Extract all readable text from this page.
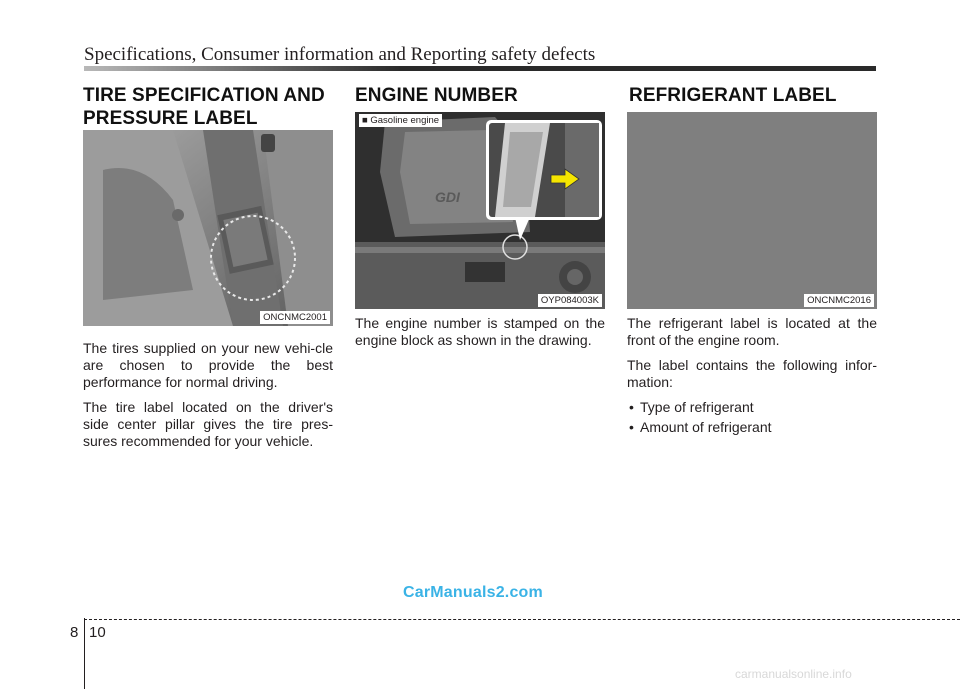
Specifications, Consumer information and Reporting safety defects
TIRE SPECIFICATION AND PRESSURE LABEL
ONCNMC2001

The tires supplied on your new vehi-cle are chosen to provide the best performance for normal driving.

The tire label located on the driver's side center pillar gives the tire pres-sures recommended for your vehicle.

ENGINE NUMBER
GDI
■ Gasoline engine
OYP084003K

The engine number is stamped on the engine block as shown in the drawing.

REFRIGERANT LABEL
ONCNMC2016

The refrigerant label is located at the front of the engine room.

The label contains the following infor-mation:

• Type of refrigerant
• Amount of refrigerant
CarManuals2.com
8 10
carmanualsonline.info
